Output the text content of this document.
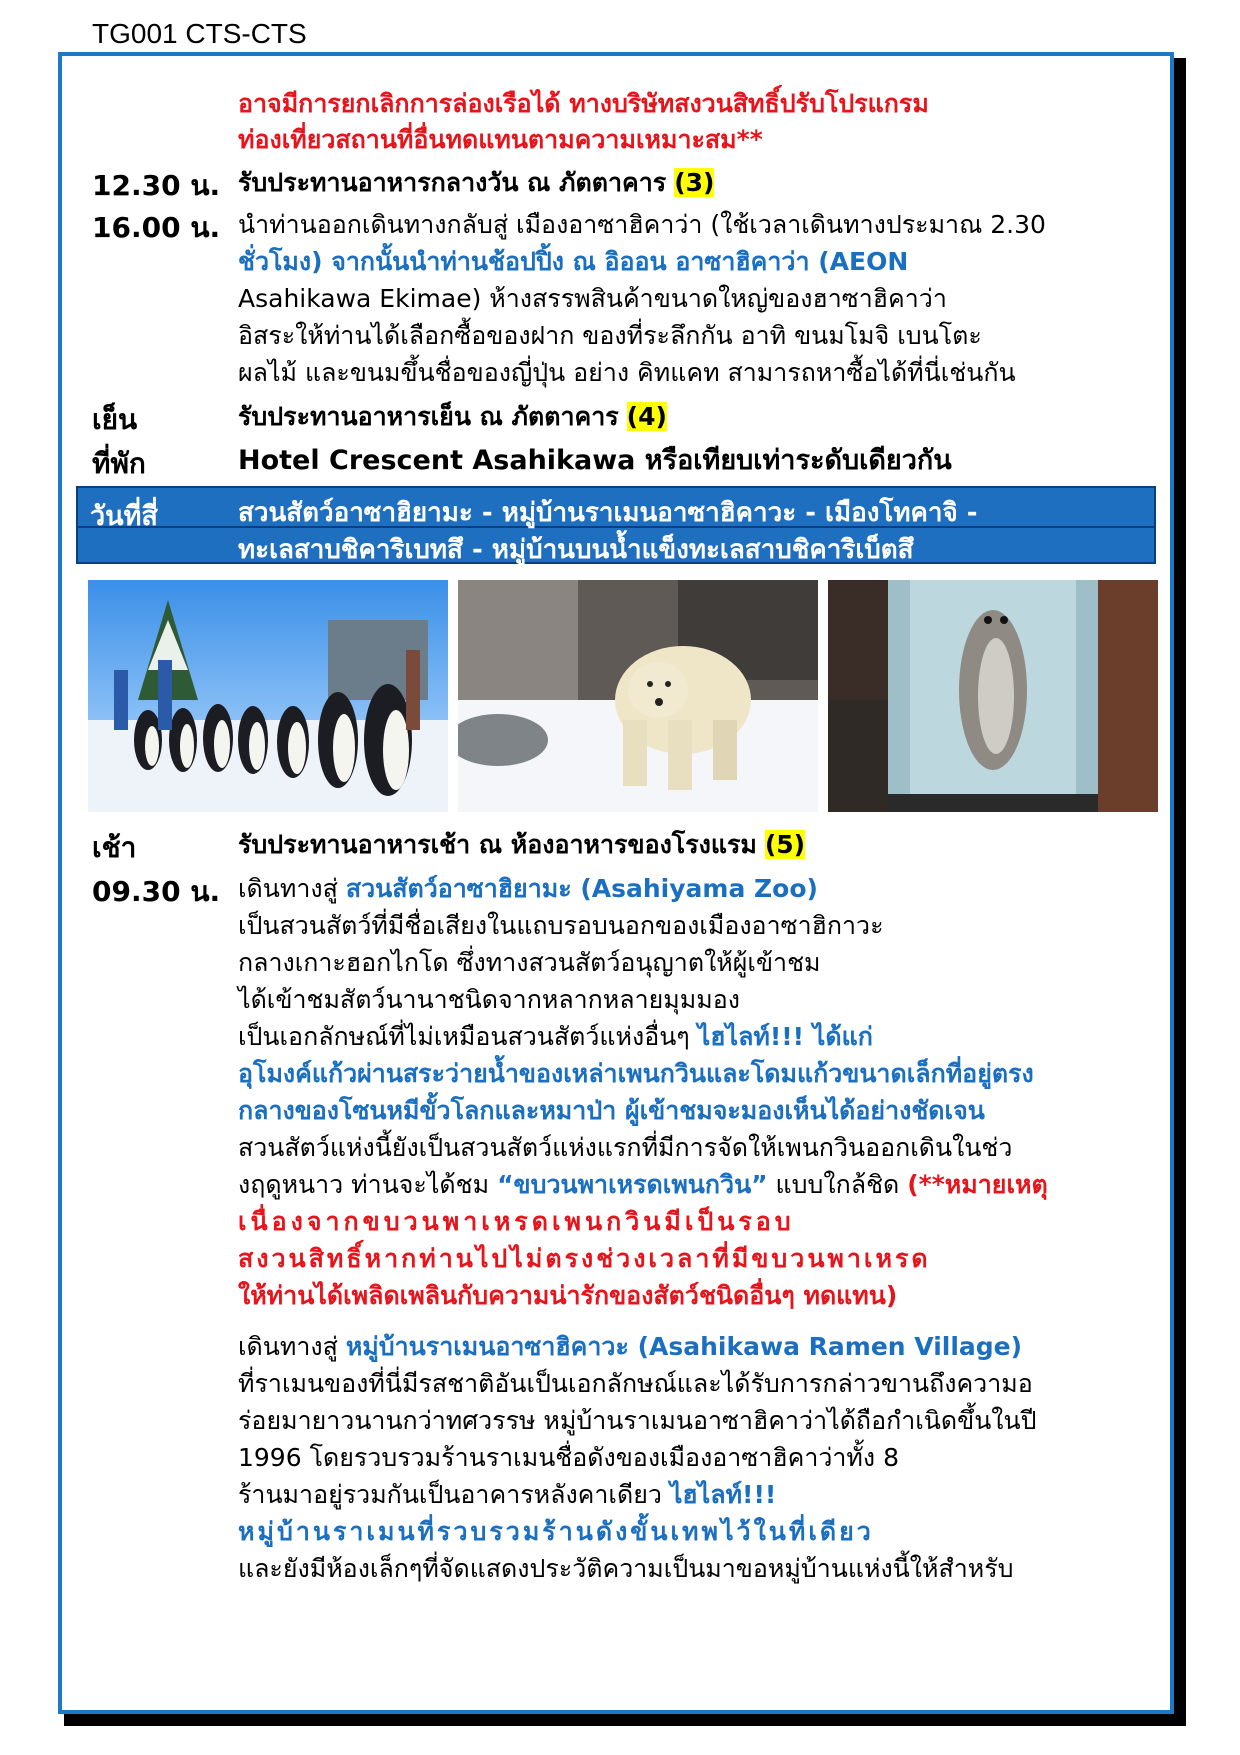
TG001 CTS-CTS
อาจมีการยกเลิกการล่องเรือได้ ทางบริษัทสงวนสิทธิ์ปรับโปรแกรม
ท่องเที่ยวสถานที่อื่นทดแทนตามความเหมาะสม**
12.30 น. รับประทานอาหารกลางวัน ณ ภัตตาคาร (3)
16.00 น. นำท่านออกเดินทางกลับสู่ เมืองอาซาฮิคาว่า (ใช้เวลาเดินทางประมาณ 2.30
ชั่วโมง) จากนั้นนำท่านช้อปปิ้ง ณ อิออน อาซาฮิคาว่า (AEON
Asahikawa Ekimae) ห้างสรรพสินค้าขนาดใหญ่ของฮาซาฮิคาว่า
อิสระให้ท่านได้เลือกซื้อของฝาก ของที่ระลึกกัน อาทิ ขนมโมจิ เบนโตะ
ผลไม้ และขนมขึ้นชื่อของญี่ปุ่น อย่าง คิทแคท สามารถหาซื้อได้ที่นี่เช่นกัน
เย็น	รับประทานอาหารเย็น ณ ภัตตาคาร (4)
ที่พัก	Hotel Crescent Asahikawa หรือเทียบเท่าระดับเดียวกัน
วันที่สี่	สวนสัตว์อาซาฮิยามะ - หมู่บ้านราเมนอาซาฮิคาวะ - เมืองโทคาจิ -
ทะเลสาบชิคาริเบทสึ - หมู่บ้านบนน้ำแข็งทะเลสาบชิคาริเบ็ตสึ
เช้า	รับประทานอาหารเช้า ณ ห้องอาหารของโรงแรม (5)
09.30 น. เดินทางสู่ สวนสัตว์อาซาฮิยามะ (Asahiyama Zoo)
เป็นสวนสัตว์ที่มีชื่อเสียงในแถบรอบนอกของเมืองอาซาฮิกาวะ
กลางเกาะฮอกไกโด ซึ่งทางสวนสัตว์อนุญาตให้ผู้เข้าชม
ได้เข้าชมสัตว์นานาชนิดจากหลากหลายมุมมอง
เป็นเอกลักษณ์ที่ไม่เหมือนสวนสัตว์แห่งอื่นๆ ไฮไลท์!!! ได้แก่
อุโมงค์แก้วผ่านสระว่ายน้ำของเหล่าเพนกวินและโดมแก้วขนาดเล็กที่อยู่ตรง
กลางของโซนหมีขั้วโลกและหมาป่า ผู้เข้าชมจะมองเห็นได้อย่างชัดเจน
สวนสัตว์แห่งนี้ยังเป็นสวนสัตว์แห่งแรกที่มีการจัดให้เพนกวินออกเดินในช่ว
งฤดูหนาว ท่านจะได้ชม “ขบวนพาเหรดเพนกวิน” แบบใกล้ชิด (**หมายเหตุ
เนื่องจากขบวนพาเหรดเพนกวินมีเป็นรอบ
สงวนสิทธิ์หากท่านไปไม่ตรงช่วงเวลาที่มีขบวนพาเหรด
ให้ท่านได้เพลิดเพลินกับความน่ารักของสัตว์ชนิดอื่นๆ ทดแทน)
เดินทางสู่ หมู่บ้านราเมนอาซาฮิคาวะ (Asahikawa Ramen Village)
ที่ราเมนของที่นี่มีรสชาติอันเป็นเอกลักษณ์และได้รับการกล่าวขานถึงความอ
ร่อยมายาวนานกว่าทศวรรษ หมู่บ้านราเมนอาซาฮิคาว่าได้ถือกำเนิดขึ้นในปี
1996 โดยรวบรวมร้านราเมนชื่อดังของเมืองอาซาฮิคาว่าทั้ง 8
ร้านมาอยู่รวมกันเป็นอาคารหลังคาเดียว ไฮไลท์!!!
หมู่บ้านราเมนที่รวบรวมร้านดังขั้นเทพไว้ในที่เดียว
และยังมีห้องเล็กๆที่จัดแสดงประวัติความเป็นมาขอหมู่บ้านแห่งนี้ให้สำหรับ
